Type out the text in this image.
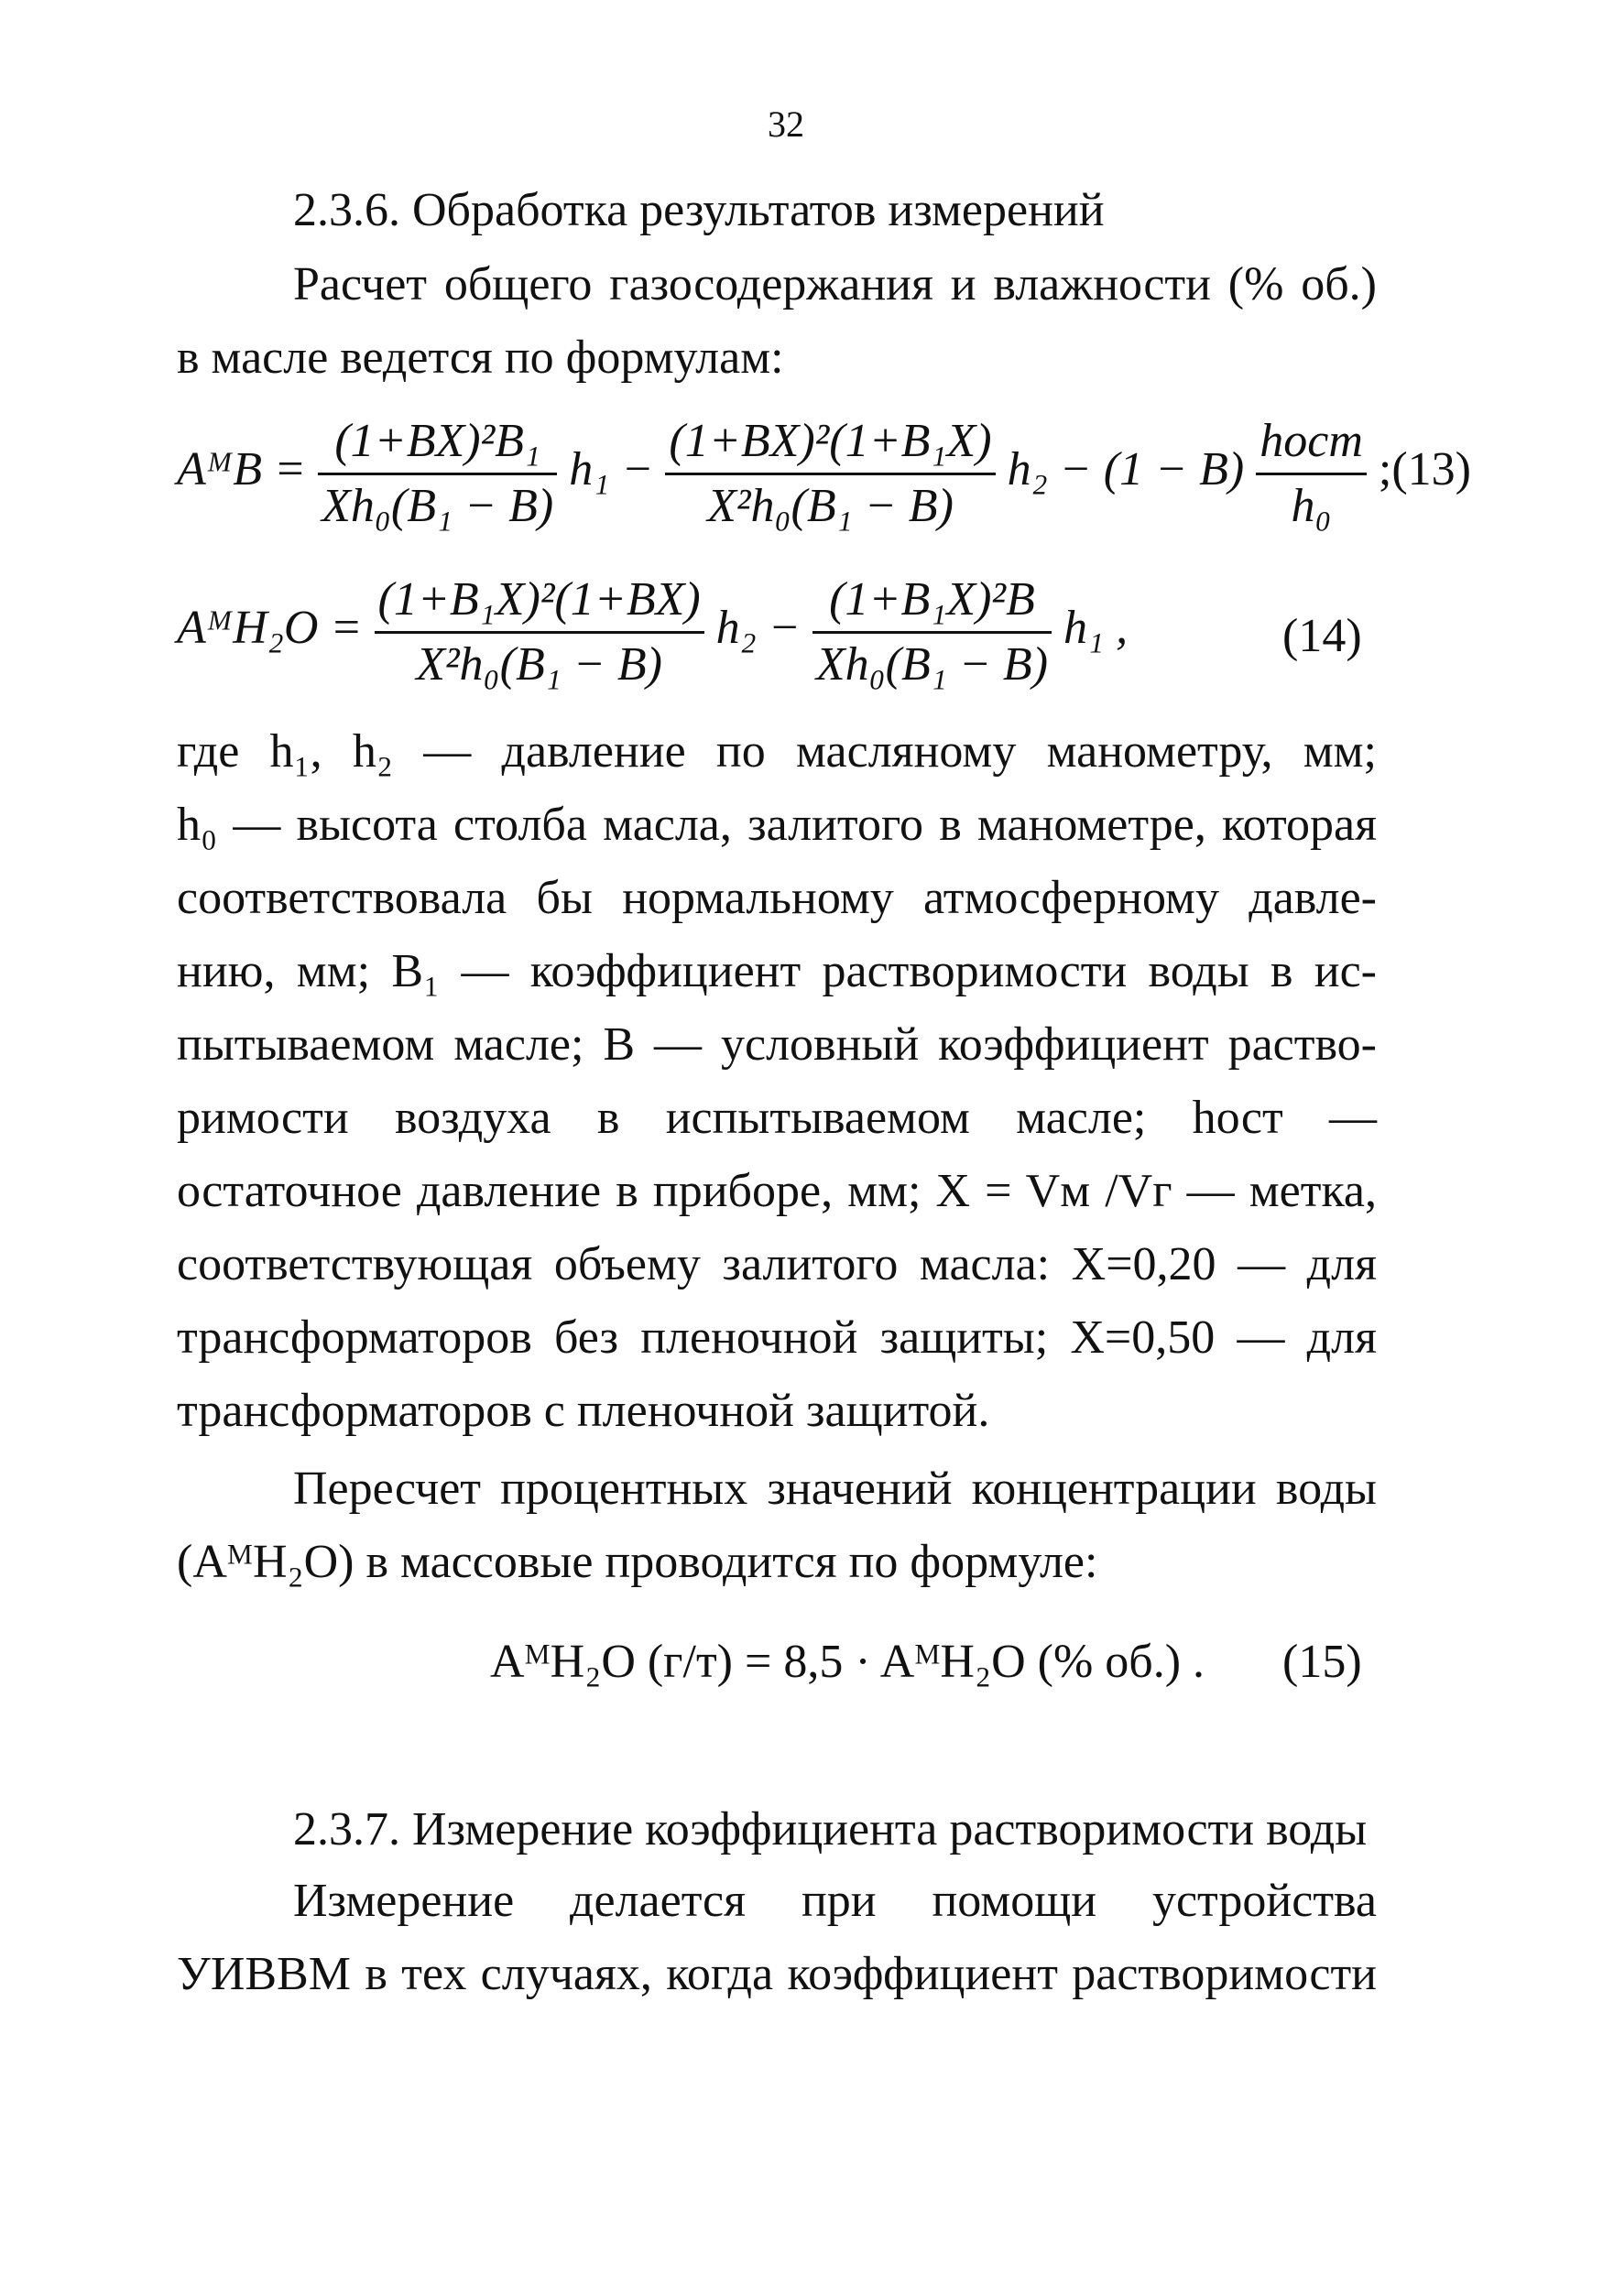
32
2.3.6. Обработка результатов измерений
Расчет общего газосодержания и влажности (% об.)
в масле ведется по формулам:
AᴹB = $\frac{\text{(1+BX)²B₁}}{\text{Xh₀(B₁ − B)}} h_1 - \frac{\text{(1+BX)²(1+B₁X)}}{\text{X²h₀(B₁ − B)}} h_2 - (1 - B) \frac{\text{hост}}{\text{h₀}}$ ;(13)
AᴹH₂O = $\frac{\text{(1+B₁X)²(1+BX)}}{\text{X²h₀(B₁ − B)}} h_2 - \frac{\text{(1+B₁X)²B}}{\text{Xh₀(B₁ − B)}} h_1$ ,	(14)
где h₁, h₂ — давление по масляному манометру, мм;
h₀ — высота столба масла, залитого в манометре, которая
соответствовала бы нормальному атмосферному давле-
нию, мм; B₁ — коэффициент растворимости воды в ис-
пытываемом масле; B — условный коэффициент раство-
римости воздуха в испытываемом масле; hост —
остаточное давление в приборе, мм; X = Vм /Vг — метка,
соответствующая объему залитого масла: X=0,20 — для
трансформаторов без пленочной защиты; X=0,50 — для
трансформаторов с пленочной защитой.
Пересчет процентных значений концентрации воды
(AᴹH₂O) в массовые проводится по формуле:
AᴹH₂O (г/т) = 8,5 · AᴹH₂O (% об.) . (15)
2.3.7. Измерение коэффициента растворимости воды
Измерение делается при помощи устройства
УИВВМ в тех случаях, когда коэффициент растворимости
